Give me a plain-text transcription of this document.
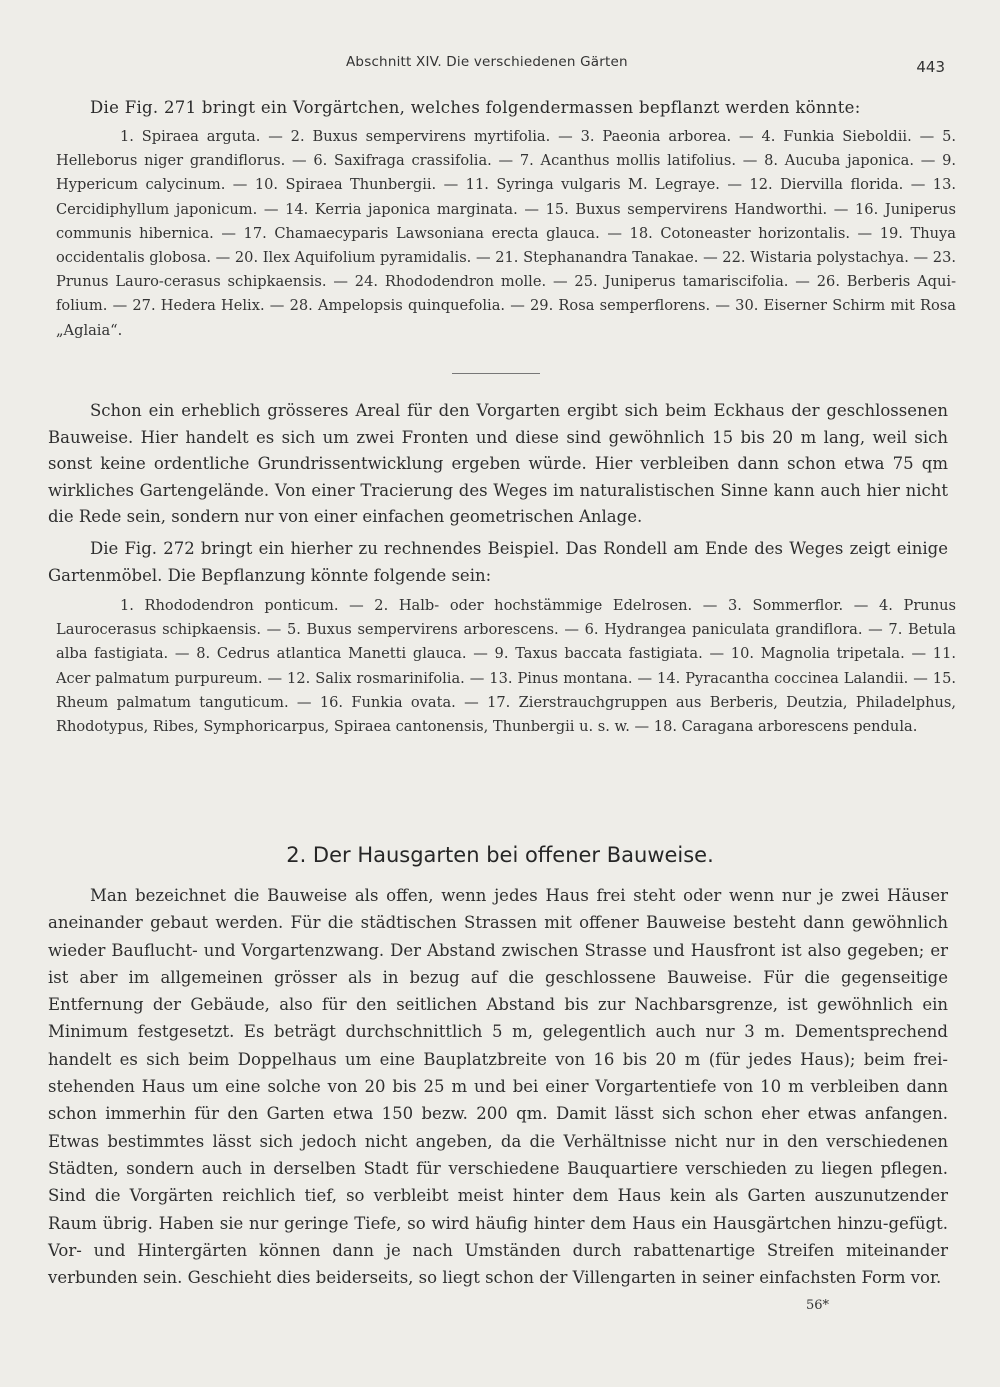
Abschnitt XIV. Die verschiedenen Gärten	443

Die Fig. 271 bringt ein Vorgärtchen, welches folgendermassen bepflanzt werden könnte:

1. Spiraea arguta. — 2. Buxus sempervirens myrtifolia. — 3. Paeonia arborea. — 4. Funkia Sieboldii. — 5. Helleborus niger grandiflorus. — 6. Saxifraga crassifolia. — 7. Acanthus mollis latifolius. — 8. Aucuba japonica. — 9. Hypericum calycinum. — 10. Spiraea Thunbergii. — 11. Syringa vulgaris M. Legraye. — 12. Diervilla florida. — 13. Cercidiphyllum japonicum. — 14. Kerria japonica marginata. — 15. Buxus sempervirens Handworthi. — 16. Juniperus communis hibernica. — 17. Chamaecyparis Lawsoniana erecta glauca. — 18. Cotoneaster horizontalis. — 19. Thuya occidentalis globosa. — 20. Ilex Aquifolium pyramidalis. — 21. Stephanandra Tanakae. — 22. Wistaria polystachya. — 23. Prunus Lauro-cerasus schipkaensis. — 24. Rhododendron molle. — 25. Juniperus tamariscifolia. — 26. Berberis Aqui-folium. — 27. Hedera Helix. — 28. Ampelopsis quinquefolia. — 29. Rosa semperflorens. — 30. Eiserner Schirm mit Rosa „Aglaia“.

Schon ein erheblich grösseres Areal für den Vorgarten ergibt sich beim Eckhaus der geschlossenen Bauweise. Hier handelt es sich um zwei Fronten und diese sind gewöhnlich 15 bis 20 m lang, weil sich sonst keine ordentliche Grundrissentwicklung ergeben würde. Hier verbleiben dann schon etwa 75 qm wirkliches Gartengelände. Von einer Tracierung des Weges im naturalistischen Sinne kann auch hier nicht die Rede sein, sondern nur von einer einfachen geometrischen Anlage.

Die Fig. 272 bringt ein hierher zu rechnendes Beispiel. Das Rondell am Ende des Weges zeigt einige Gartenmöbel. Die Bepflanzung könnte folgende sein:

1. Rhododendron ponticum. — 2. Halb- oder hochstämmige Edelrosen. — 3. Sommerflor. — 4. Prunus Laurocerasus schipkaensis. — 5. Buxus sempervirens arborescens. — 6. Hydrangea paniculata grandiflora. — 7. Betula alba fastigiata. — 8. Cedrus atlantica Manetti glauca. — 9. Taxus baccata fastigiata. — 10. Magnolia tripetala. — 11. Acer palmatum purpureum. — 12. Salix rosmarinifolia. — 13. Pinus montana. — 14. Pyracantha coccinea Lalandii. — 15. Rheum palmatum tanguticum. — 16. Funkia ovata. — 17. Zierstrauchgruppen aus Berberis, Deutzia, Philadelphus, Rhodotypus, Ribes, Symphoricarpus, Spiraea cantonensis, Thunbergii u. s. w. — 18. Caragana arborescens pendula.

2. Der Hausgarten bei offener Bauweise.

Man bezeichnet die Bauweise als offen, wenn jedes Haus frei steht oder wenn nur je zwei Häuser aneinander gebaut werden. Für die städtischen Strassen mit offener Bauweise besteht dann gewöhnlich wieder Bauflucht- und Vorgartenzwang. Der Abstand zwischen Strasse und Hausfront ist also gegeben; er ist aber im allgemeinen grösser als in bezug auf die geschlossene Bauweise. Für die gegenseitige Entfernung der Gebäude, also für den seitlichen Abstand bis zur Nachbarsgrenze, ist gewöhnlich ein Minimum festgesetzt. Es beträgt durchschnittlich 5 m, gelegentlich auch nur 3 m. Dementsprechend handelt es sich beim Doppelhaus um eine Bauplatzbreite von 16 bis 20 m (für jedes Haus); beim frei-stehenden Haus um eine solche von 20 bis 25 m und bei einer Vorgartentiefe von 10 m verbleiben dann schon immerhin für den Garten etwa 150 bezw. 200 qm. Damit lässt sich schon eher etwas anfangen. Etwas bestimmtes lässt sich jedoch nicht angeben, da die Verhältnisse nicht nur in den verschiedenen Städten, sondern auch in derselben Stadt für verschiedene Bauquartiere verschieden zu liegen pflegen. Sind die Vorgärten reichlich tief, so verbleibt meist hinter dem Haus kein als Garten auszunutzender Raum übrig. Haben sie nur geringe Tiefe, so wird häufig hinter dem Haus ein Hausgärtchen hinzu-gefügt. Vor- und Hintergärten können dann je nach Umständen durch rabattenartige Streifen miteinander verbunden sein. Geschieht dies beiderseits, so liegt schon der Villengarten in seiner einfachsten Form vor.

56*
